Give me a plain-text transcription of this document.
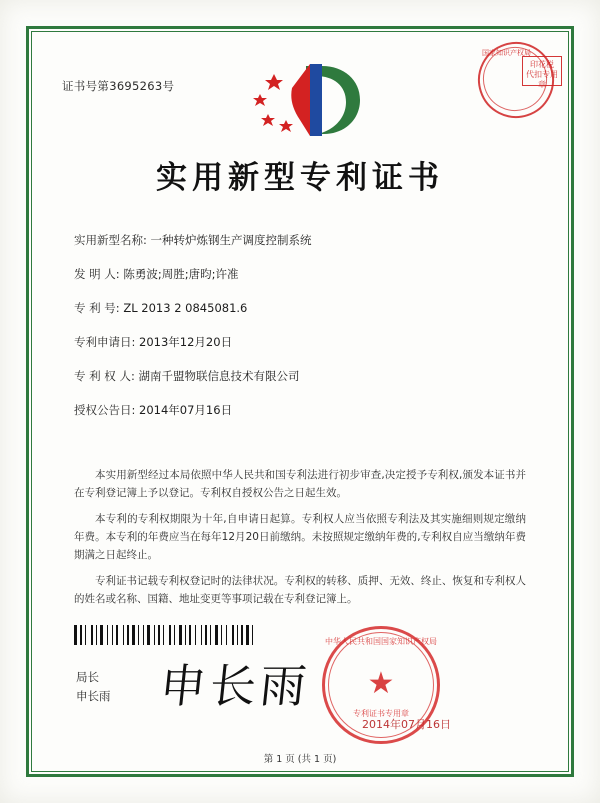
证书号第3695263号
国家知识产权局
印花税
代扣专用章
实用新型专利证书
实用新型名称: 一种转炉炼钢生产调度控制系统
发 明 人: 陈勇波;周胜;唐昀;许准
专 利 号: ZL 2013 2 0845081.6
专利申请日: 2013年12月20日
专 利 权 人: 湖南千盟物联信息技术有限公司
授权公告日: 2014年07月16日

本实用新型经过本局依照中华人民共和国专利法进行初步审查,决定授予专利权,颁发本证书并在专利登记簿上予以登记。专利权自授权公告之日起生效。

本专利的专利权期限为十年,自申请日起算。专利权人应当依照专利法及其实施细则规定缴纳年费。本专利的年费应当在每年12月20日前缴纳。未按照规定缴纳年费的,专利权自应当缴纳年费期满之日起终止。

专利证书记载专利权登记时的法律状况。专利权的转移、质押、无效、终止、恢复和专利权人的姓名或名称、国籍、地址变更等事项记载在专利登记簿上。

局长
申长雨 申长雨	★
中华人民共和国国家知识产权局
专利证书专用章
2014年07月16日
第 1 页 (共 1 页)
